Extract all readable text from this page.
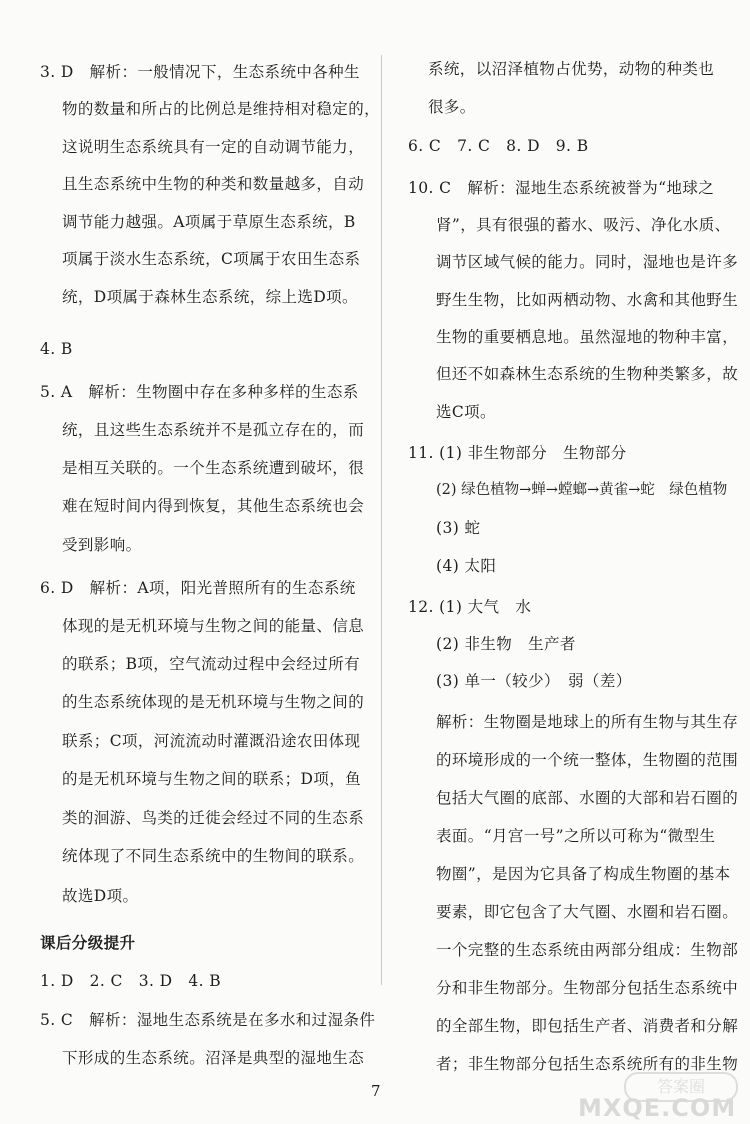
3. D　解析：一般情况下，生态系统中各种生
物的数量和所占的比例总是维持相对稳定的，
这说明生态系统具有一定的自动调节能力，
且生态系统中生物的种类和数量越多，自动
调节能力越强。A项属于草原生态系统，B
项属于淡水生态系统，C项属于农田生态系
统，D项属于森林生态系统，综上选D项。
4. B
5. A　解析：生物圈中存在多种多样的生态系
统，且这些生态系统并不是孤立存在的，而
是相互关联的。一个生态系统遭到破坏，很
难在短时间内得到恢复，其他生态系统也会
受到影响。
6. D　解析：A项，阳光普照所有的生态系统
体现的是无机环境与生物之间的能量、信息
的联系；B项，空气流动过程中会经过所有
的生态系统体现的是无机环境与生物之间的
联系；C项，河流流动时灌溉沿途农田体现
的是无机环境与生物之间的联系；D项，鱼
类的洄游、鸟类的迁徙会经过不同的生态系
统体现了不同生态系统中的生物间的联系。
故选D项。
课后分级提升
1. D　2. C　3. D　4. B
5. C　解析：湿地生态系统是在多水和过湿条件
下形成的生态系统。沼泽是典型的湿地生态
系统，以沼泽植物占优势，动物的种类也
很多。
6. C　7. C　8. D　9. B
10. C　解析：湿地生态系统被誉为“地球之
肾”，具有很强的蓄水、吸污、净化水质、
调节区域气候的能力。同时，湿地也是许多
野生生物，比如两栖动物、水禽和其他野生
生物的重要栖息地。虽然湿地的物种丰富，
但还不如森林生态系统的生物种类繁多，故
选C项。
11. (1) 非生物部分　生物部分
(2) 绿色植物→蝉→螳螂→黄雀→蛇　绿色植物
(3) 蛇
(4) 太阳
12. (1) 大气　水
(2) 非生物　生产者
(3) 单一（较少）　弱（差）
解析：生物圈是地球上的所有生物与其生存
的环境形成的一个统一整体，生物圈的范围
包括大气圈的底部、水圈的大部和岩石圈的
表面。“月宫一号”之所以可称为“微型生
物圈”，是因为它具备了构成生物圈的基本
要素，即它包含了大气圈、水圈和岩石圈。
一个完整的生态系统由两部分组成：生物部
分和非生物部分。生物部分包括生态系统中
的全部生物，即包括生产者、消费者和分解
者；非生物部分包括生态系统所有的非生物
7	答案圈
MXQE.COM
